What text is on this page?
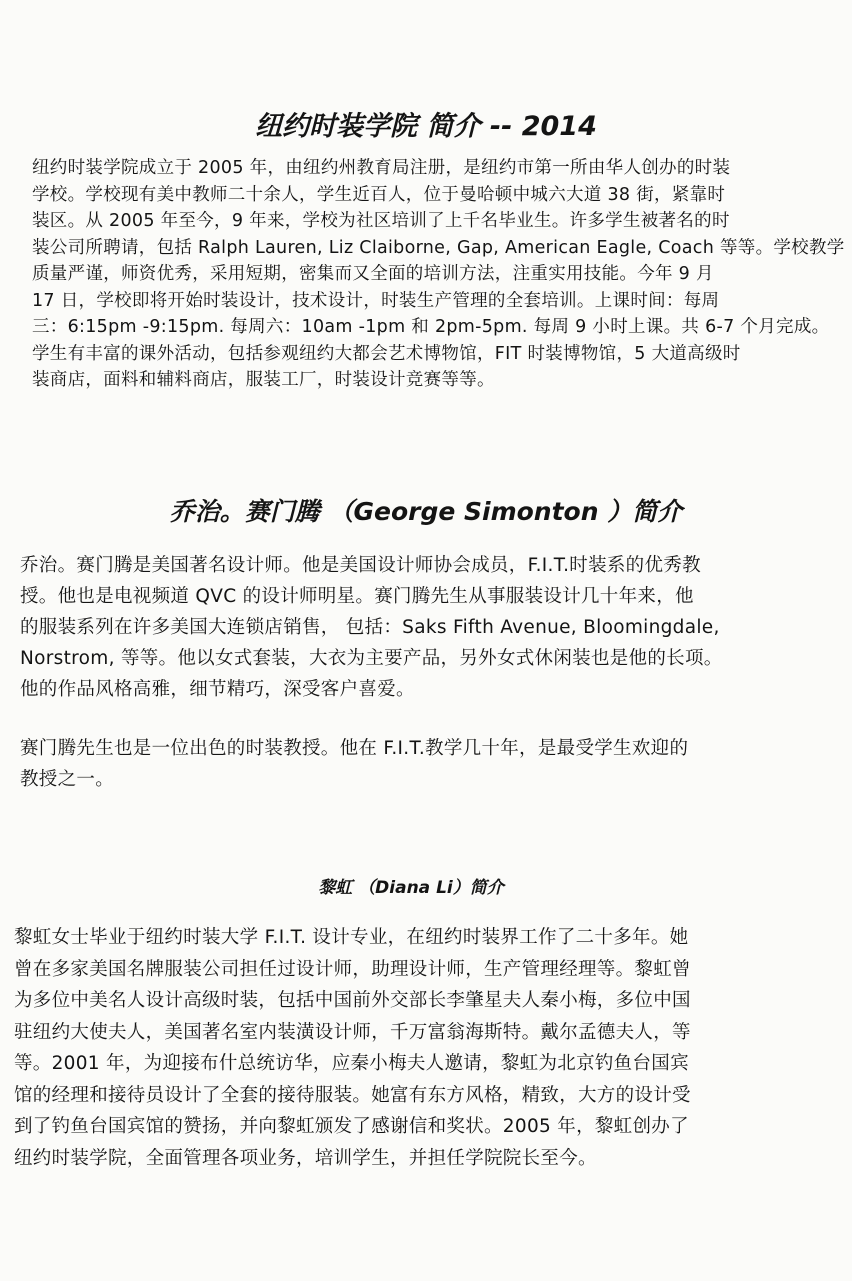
纽约时装学院 简介 -- 2014
纽约时装学院成立于 2005 年，由纽约州教育局注册，是纽约市第一所由华人创办的时装
学校。学校现有美中教师二十余人，学生近百人，位于曼哈顿中城六大道 38 街，紧靠时
装区。从 2005 年至今，9 年来，学校为社区培训了上千名毕业生。许多学生被著名的时
装公司所聘请，包括 Ralph Lauren, Liz Claiborne, Gap, American Eagle, Coach 等等。学校教学
质量严谨，师资优秀，采用短期，密集而又全面的培训方法，注重实用技能。今年 9 月
17 日，学校即将开始时装设计，技术设计，时装生产管理的全套培训。上课时间：每周
三：6:15pm -9:15pm. 每周六：10am -1pm 和 2pm-5pm. 每周 9 小时上课。共 6-7 个月完成。
学生有丰富的课外活动，包括参观纽约大都会艺术博物馆，FIT 时装博物馆，5 大道高级时
装商店，面料和辅料商店，服装工厂，时装设计竞赛等等。
乔治。赛门腾 （George Simonton ）简介
乔治。赛门腾是美国著名设计师。他是美国设计师协会成员，F.I.T.时装系的优秀教
授。他也是电视频道 QVC 的设计师明星。赛门腾先生从事服装设计几十年来，他
的服装系列在许多美国大连锁店销售， 包括：Saks Fifth Avenue, Bloomingdale,
Norstrom, 等等。他以女式套装，大衣为主要产品，另外女式休闲装也是他的长项。
他的作品风格高雅，细节精巧，深受客户喜爱。
赛门腾先生也是一位出色的时装教授。他在 F.I.T.教学几十年，是最受学生欢迎的
教授之一。
黎虹 （Diana Li）简介
黎虹女士毕业于纽约时装大学 F.I.T. 设计专业，在纽约时装界工作了二十多年。她
曾在多家美国名牌服装公司担任过设计师，助理设计师，生产管理经理等。黎虹曾
为多位中美名人设计高级时装，包括中国前外交部长李肇星夫人秦小梅，多位中国
驻纽约大使夫人，美国著名室内装潢设计师，千万富翁海斯特。戴尔孟德夫人，等
等。2001 年，为迎接布什总统访华，应秦小梅夫人邀请，黎虹为北京钓鱼台国宾
馆的经理和接待员设计了全套的接待服装。她富有东方风格，精致，大方的设计受
到了钓鱼台国宾馆的赞扬，并向黎虹颁发了感谢信和奖状。2005 年，黎虹创办了
纽约时装学院，全面管理各项业务，培训学生，并担任学院院长至今。
